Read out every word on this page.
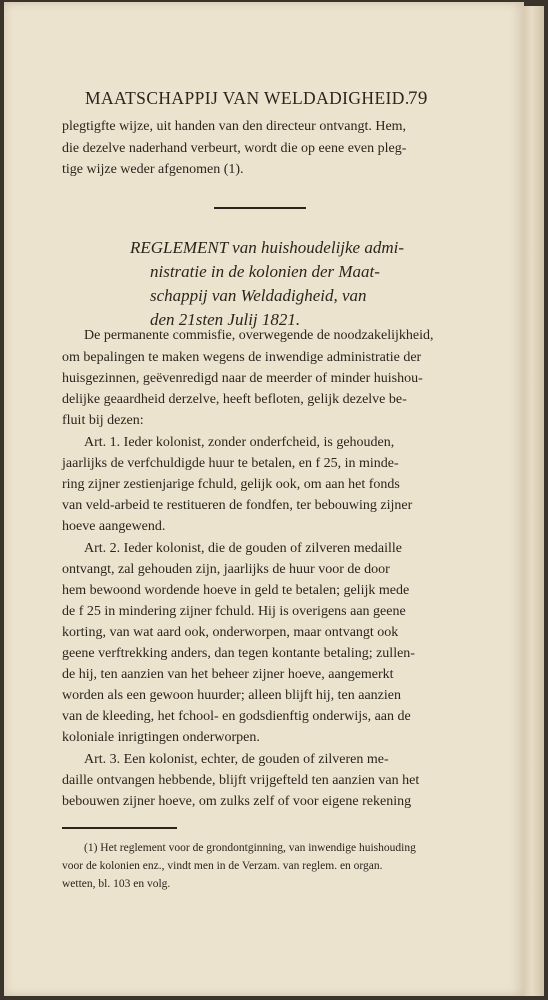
MAATSCHAPPIJ VAN WELDADIGHEID.
79
plegtigfte wijze, uit handen van den directeur ontvangt. Hem,
die dezelve naderhand verbeurt, wordt die op eene even pleg-
tige wijze weder afgenomen (1).
REGLEMENT van huishoudelijke admi-
nistratie in de kolonien der Maat-
schappij van Weldadigheid, van
den 21sten Julij 1821.
De permanente commisfie, overwegende de noodzakelijkheid,
om bepalingen te maken wegens de inwendige administratie der
huisgezinnen, geëvenredigd naar de meerder of minder huishou-
delijke geaardheid derzelve, heeft befloten, gelijk dezelve be-
fluit bij dezen:
Art. 1. Ieder kolonist, zonder onderfcheid, is gehouden,
jaarlijks de verfchuldigde huur te betalen, en f 25, in minde-
ring zijner zestienjarige fchuld, gelijk ook, om aan het fonds
van veld-arbeid te restitueren de fondfen, ter bebouwing zijner
hoeve aangewend.
Art. 2. Ieder kolonist, die de gouden of zilveren medaille
ontvangt, zal gehouden zijn, jaarlijks de huur voor de door
hem bewoond wordende hoeve in geld te betalen; gelijk mede
de f 25 in mindering zijner fchuld. Hij is overigens aan geene
korting, van wat aard ook, onderworpen, maar ontvangt ook
geene verftrekking anders, dan tegen kontante betaling; zullen-
de hij, ten aanzien van het beheer zijner hoeve, aangemerkt
worden als een gewoon huurder; alleen blijft hij, ten aanzien
van de kleeding, het fchool- en godsdienftig onderwijs, aan de
koloniale inrigtingen onderworpen.
Art. 3. Een kolonist, echter, de gouden of zilveren me-
daille ontvangen hebbende, blijft vrijgefteld ten aanzien van het
bebouwen zijner hoeve, om zulks zelf of voor eigene rekening
(1) Het reglement voor de grondontginning, van inwendige huishouding
voor de kolonien enz., vindt men in de Verzam. van reglem. en organ.
wetten, bl. 103 en volg.
